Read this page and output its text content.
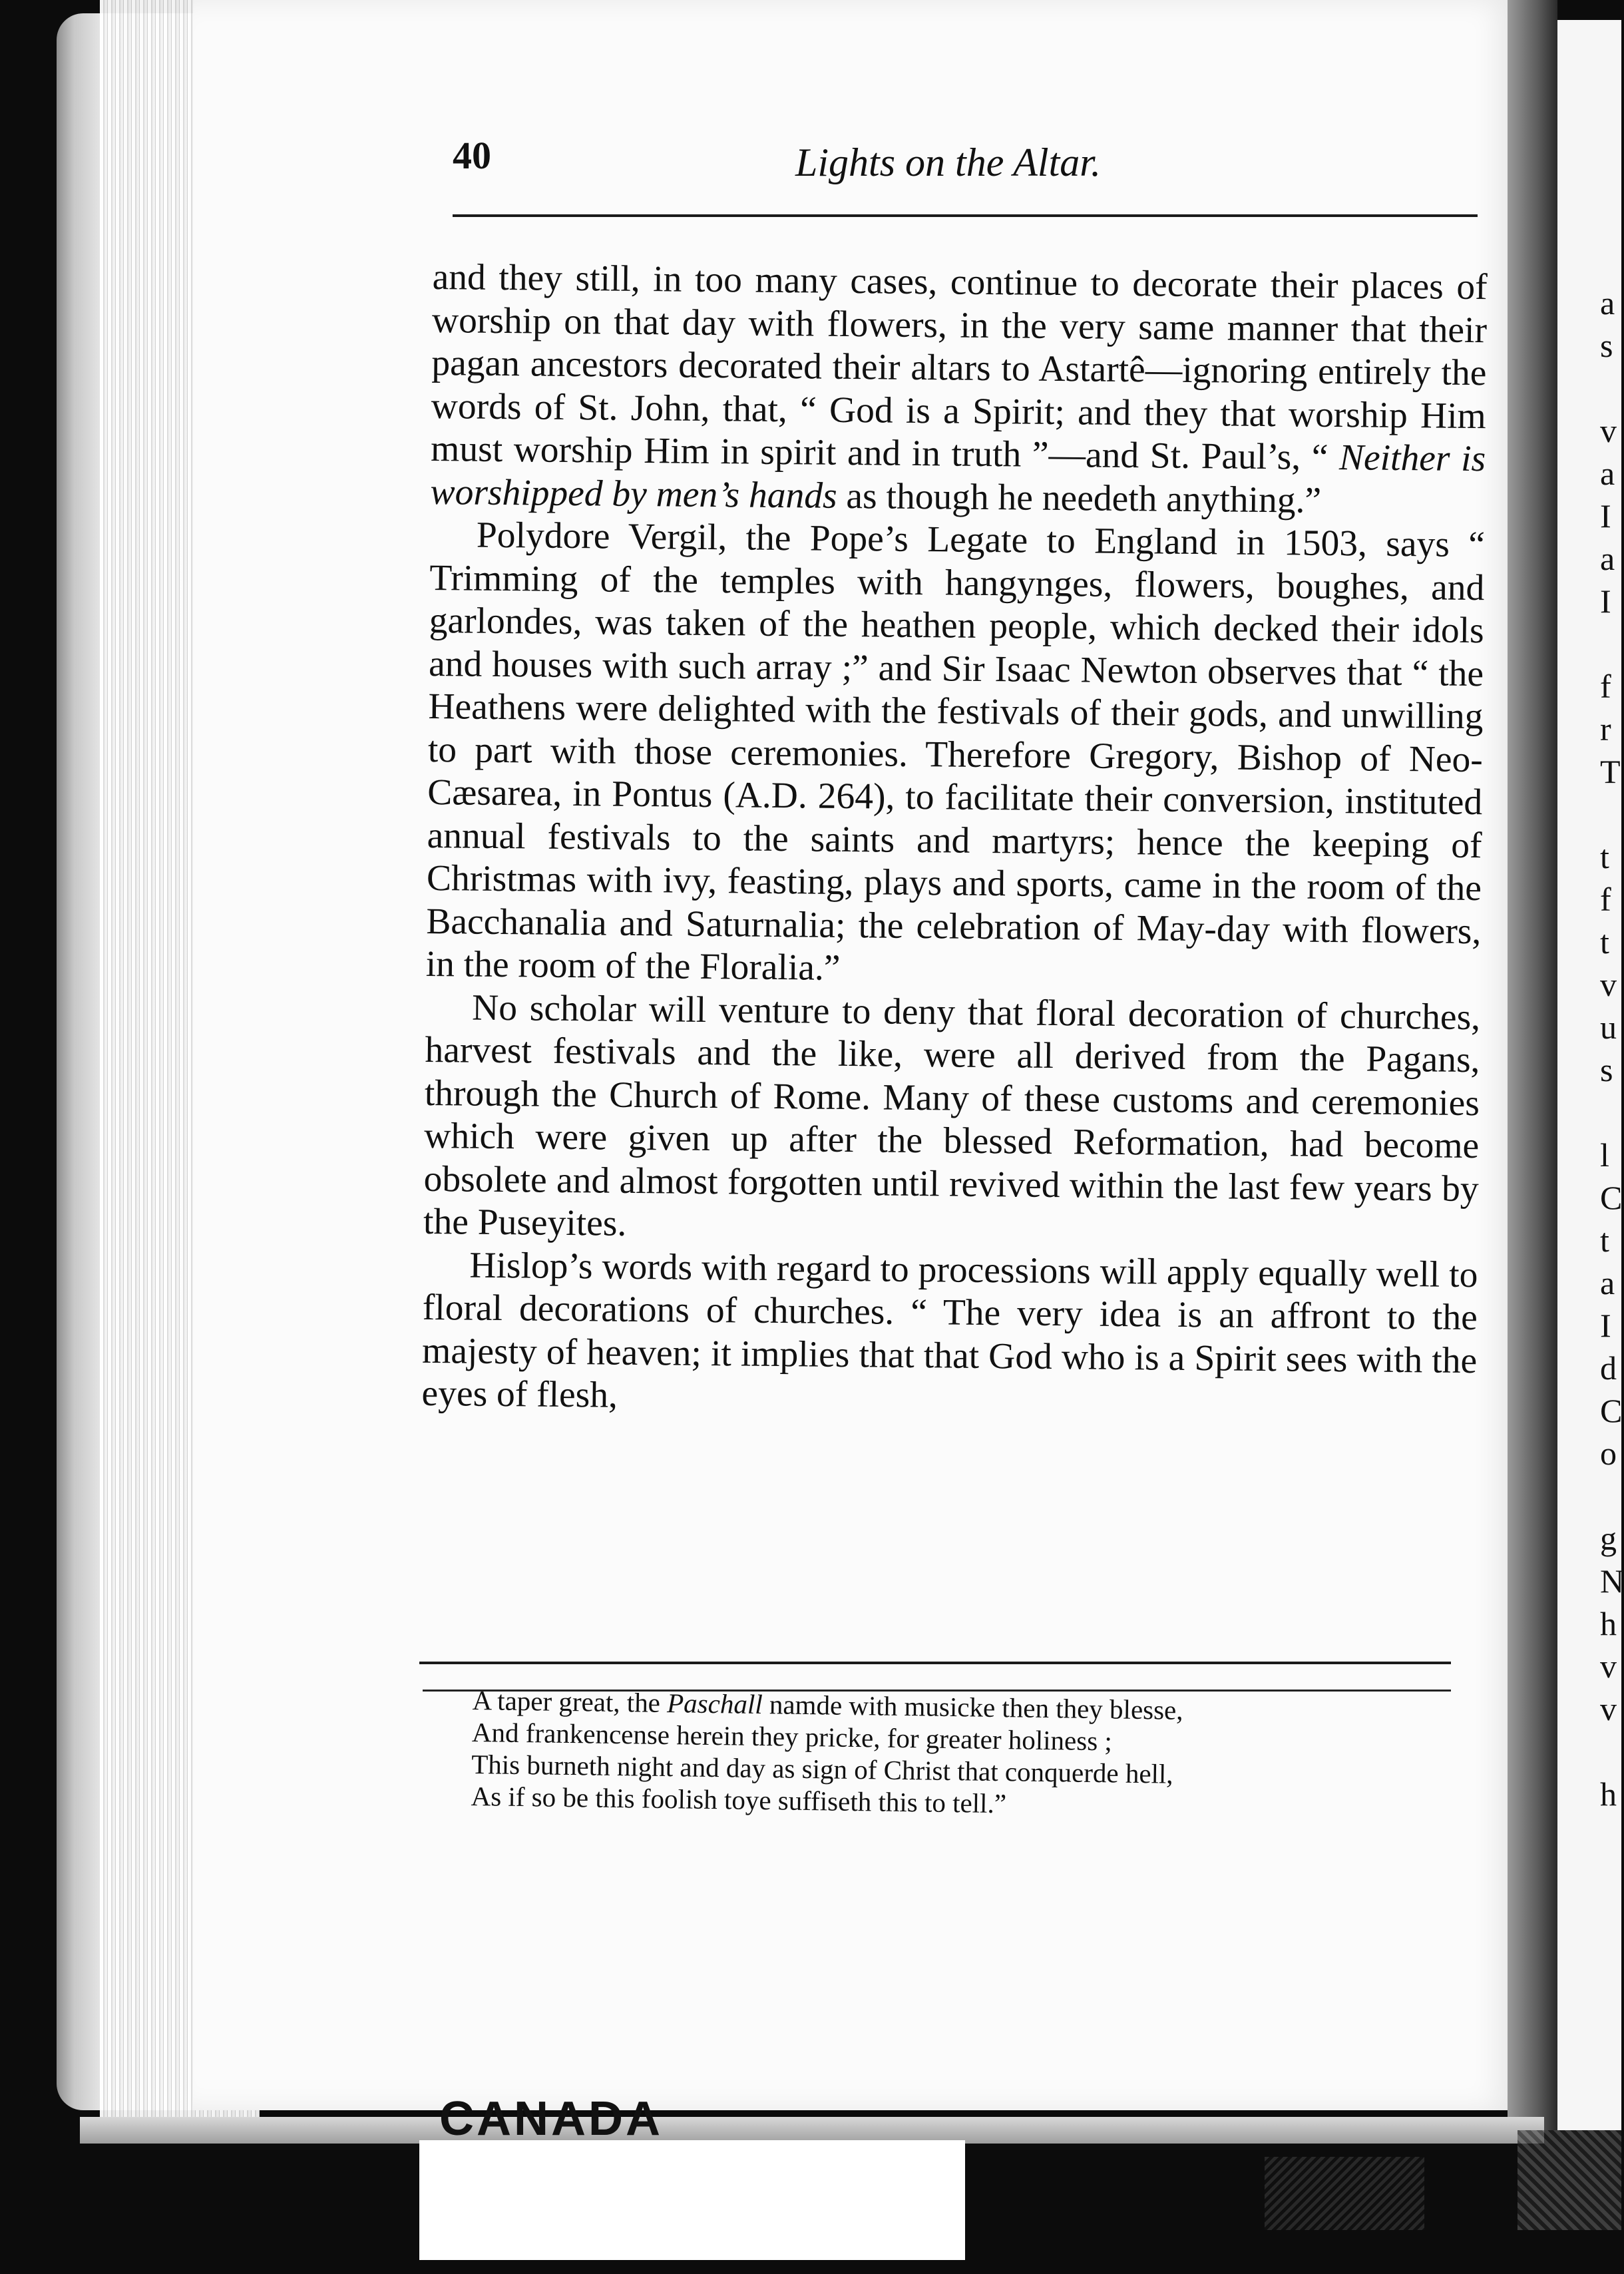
a
s
v
a
I
a
I
f
r
T
t
f
t
v
u
s
l
C
t
a
I
d
C
o
g
N
h
v
v
h
CANADA
40	Lights on the Altar.

and they still, in too many cases, continue to decorate their places of worship on that day with flowers, in the very same manner that their pagan ancestors decorated their altars to Astartê—ignoring entirely the words of St. John, that, “ God is a Spirit; and they that worship Him must worship Him in spirit and in truth ”—and St. Paul’s, “ Neither is worshipped by men’s hands as though he needeth anything.”

Polydore Vergil, the Pope’s Legate to England in 1503, says “ Trimming of the temples with hangynges, flowers, boughes, and garlondes, was taken of the heathen people, which decked their idols and houses with such array ;” and Sir Isaac Newton observes that “ the Heathens were delighted with the festivals of their gods, and unwilling to part with those ceremonies. Therefore Gregory, Bishop of Neo-Cæsarea, in Pontus (A.D. 264), to facilitate their conversion, instituted annual festivals to the saints and martyrs; hence the keeping of Christmas with ivy, feasting, plays and sports, came in the room of the Bacchanalia and Saturnalia; the celebration of May-day with flowers, in the room of the Floralia.”

No scholar will venture to deny that floral decoration of churches, harvest festivals and the like, were all derived from the Pagans, through the Church of Rome. Many of these customs and ceremonies which were given up after the blessed Reformation, had become obsolete and almost forgotten until revived within the last few years by the Puseyites.

Hislop’s words with regard to processions will apply equally well to floral decorations of churches. “ The very idea is an affront to the majesty of heaven; it implies that that God who is a Spirit sees with the eyes of flesh,

A taper great, the Paschall namde with musicke then they blesse,
And frankencense herein they pricke, for greater holiness ;
This burneth night and day as sign of Christ that conquerde hell,
As if so be this foolish toye suffiseth this to tell.”
